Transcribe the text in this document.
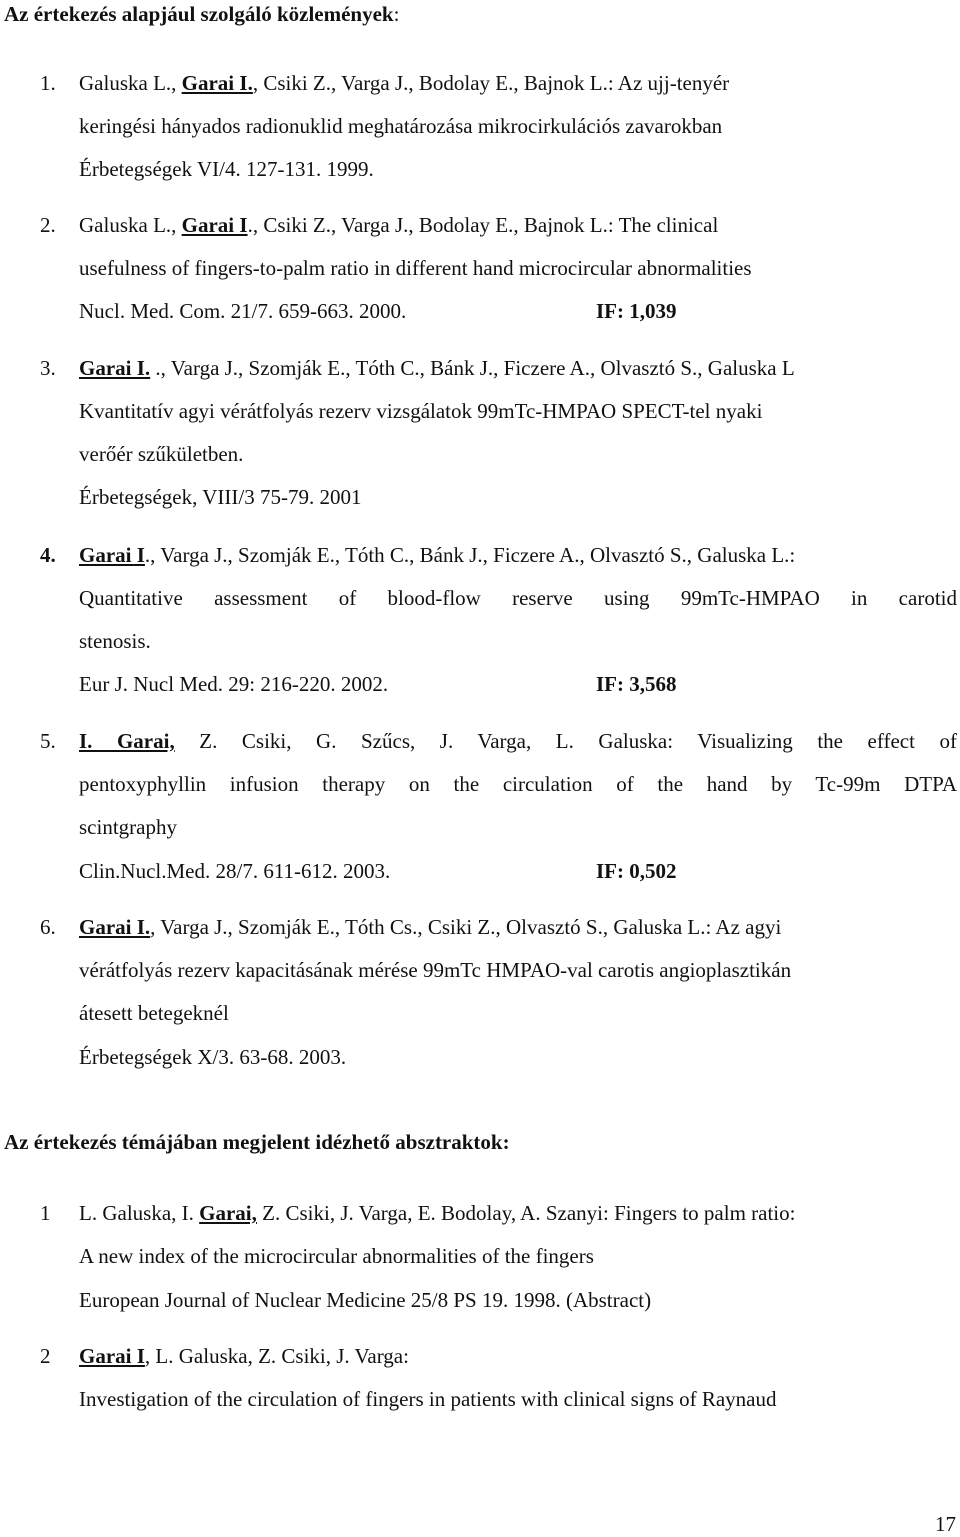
Az értekezés alapjául szolgáló közlemények:
1. Galuska L., Garai I., Csiki Z., Varga J., Bodolay E., Bajnok L.: Az ujj-tenyér
keringési hányados radionuklid meghatározása mikrocirkulációs zavarokban
Érbetegségek VI/4. 127-131. 1999.
2. Galuska L., Garai I., Csiki Z., Varga J., Bodolay E., Bajnok L.: The clinical
usefulness of fingers-to-palm ratio in different hand microcircular abnormalities
Nucl. Med. Com. 21/7. 659-663. 2000.	IF: 1,039
3. Garai I. ., Varga J., Szomják E., Tóth C., Bánk J., Ficzere A., Olvasztó S., Galuska L
Kvantitatív agyi vérátfolyás rezerv vizsgálatok 99mTc-HMPAO SPECT-tel nyaki
verőér szűkületben.
Érbetegségek, VIII/3 75-79. 2001
4. Garai I., Varga J., Szomják E., Tóth C., Bánk J., Ficzere A., Olvasztó S., Galuska L.:
Quantitative assessment of blood-flow reserve using 99mTc-HMPAO in carotid
stenosis.
Eur J. Nucl Med. 29: 216-220. 2002.	IF: 3,568
5. I. Garai, Z. Csiki, G. Szűcs, J. Varga, L. Galuska: Visualizing the effect of
pentoxyphyllin infusion therapy on the circulation of the hand by Tc-99m DTPA
scintgraphy
Clin.Nucl.Med. 28/7. 611-612. 2003.	IF: 0,502
6. Garai I., Varga J., Szomják E., Tóth Cs., Csiki Z., Olvasztó S., Galuska L.: Az agyi
vérátfolyás rezerv kapacitásának mérése 99mTc HMPAO-val carotis angioplasztikán
átesett betegeknél
Érbetegségek X/3. 63-68. 2003.
Az értekezés témájában megjelent idézhető absztraktok:
1 L. Galuska, I. Garai, Z. Csiki, J. Varga, E. Bodolay, A. Szanyi: Fingers to palm ratio:
A new index of the microcircular abnormalities of the fingers
European Journal of Nuclear Medicine 25/8 PS 19. 1998. (Abstract)
2 Garai I, L. Galuska, Z. Csiki, J. Varga:
Investigation of the circulation of fingers in patients with clinical signs of Raynaud
17
